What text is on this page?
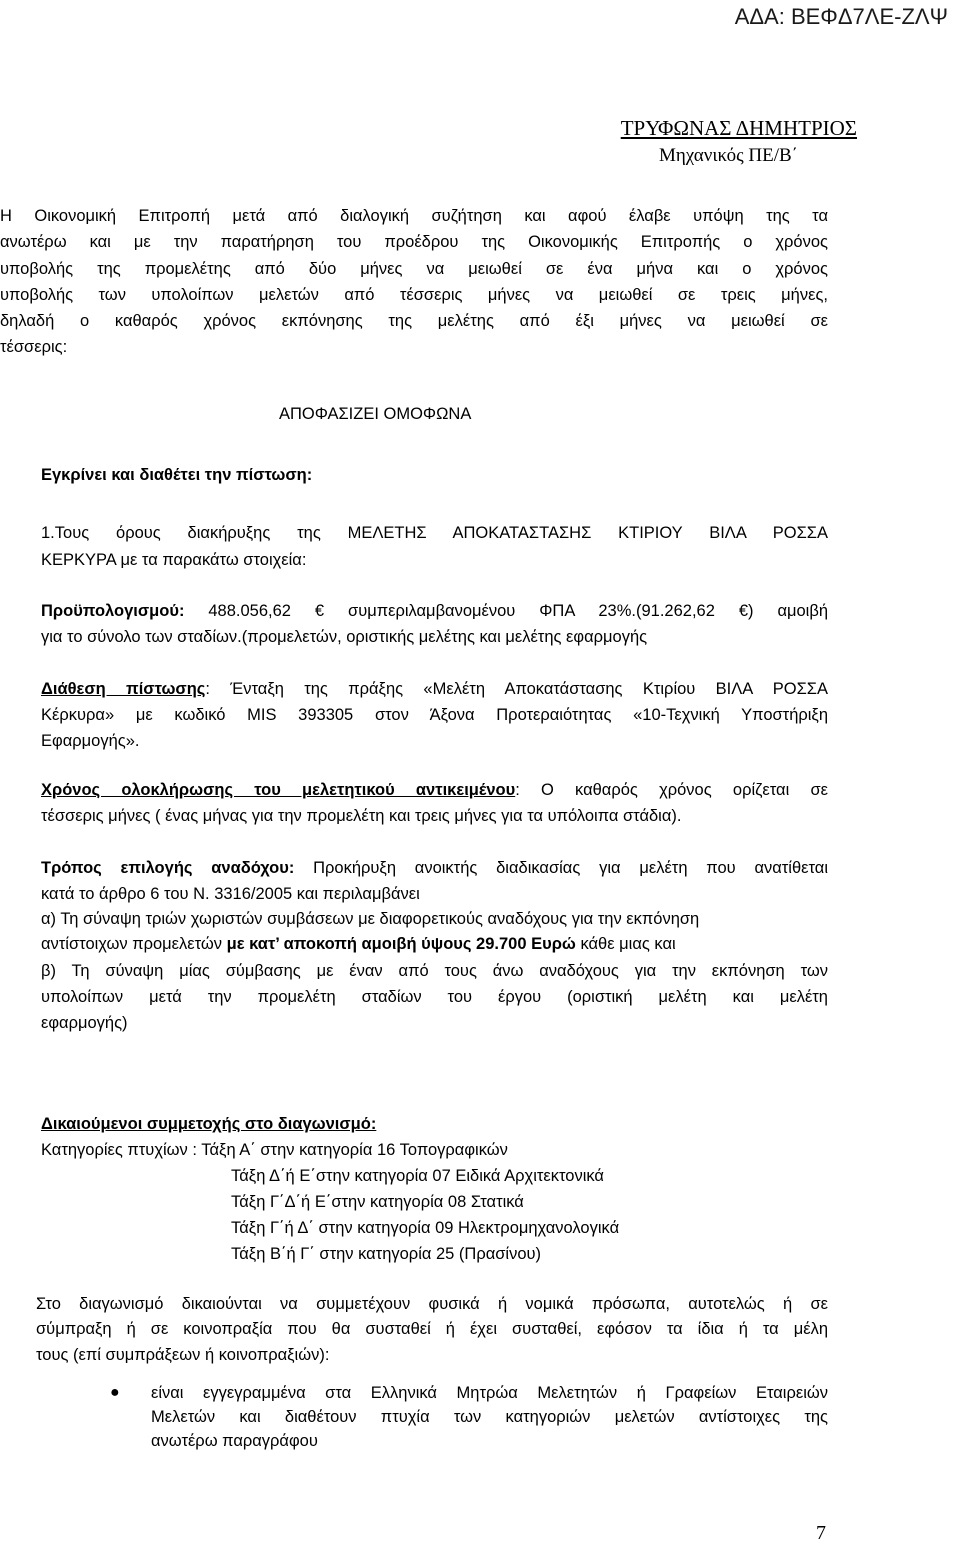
ΑΔΑ: ΒΕΦΔ7ΛΕ-ΖΛΨ
ΤΡΥΦΩΝΑΣ ΔΗΜΗΤΡΙΟΣ
Μηχανικός ΠΕ/Β΄
Η Οικονομική Επιτροπή μετά από διαλογική συζήτηση και αφού έλαβε υπόψη της τα
ανωτέρω και με την παρατήρηση του προέδρου της Οικονομικής Επιτροπής ο χρόνος
υποβολής της προμελέτης από δύο μήνες να μειωθεί σε ένα μήνα και ο χρόνος
υποβολής των υπολοίπων μελετών από τέσσερις μήνες να μειωθεί σε τρεις μήνες,
δηλαδή ο καθαρός χρόνος εκπόνησης της μελέτης από έξι μήνες να μειωθεί σε
τέσσερις:
ΑΠΟΦΑΣΙΖΕΙ ΟΜΟΦΩΝΑ
Εγκρίνει και διαθέτει την πίστωση:
1.Τους όρους διακήρυξης της ΜΕΛΕΤΗΣ ΑΠΟΚΑΤΑΣΤΑΣΗΣ ΚΤΙΡΙΟΥ ΒΙΛΑ ΡΟΣΣΑ
ΚΕΡΚΥΡΑ με τα παρακάτω στοιχεία:
Προϋπολογισμού: 488.056,62 € συμπεριλαμβανομένου ΦΠΑ 23%.(91.262,62 €) αμοιβή
για το σύνολο των σταδίων.(προμελετών, οριστικής μελέτης και μελέτης εφαρμογής
Διάθεση πίστωσης: Ένταξη της πράξης «Μελέτη Αποκατάστασης Κτιρίου ΒΙΛΑ ΡΟΣΣΑ
Κέρκυρα» με κωδικό MIS 393305 στον Άξονα Προτεραιότητας «10-Τεχνική Υποστήριξη
Εφαρμογής».
Χρόνος ολοκλήρωσης του μελετητικού αντικειμένου: Ο καθαρός χρόνος ορίζεται σε
τέσσερις μήνες ( ένας μήνας για την προμελέτη και τρεις μήνες για τα υπόλοιπα στάδια).
Τρόπος επιλογής αναδόχου: Προκήρυξη ανοικτής διαδικασίας για μελέτη που ανατίθεται
κατά το άρθρο 6 του Ν. 3316/2005 και περιλαμβάνει
α) Τη σύναψη τριών χωριστών συμβάσεων με διαφορετικούς αναδόχους για την εκπόνηση
αντίστοιχων προμελετών με κατ’ αποκοπή αμοιβή ύψους 29.700 Ευρώ κάθε μιας και
β) Τη σύναψη μίας σύμβασης με έναν από τους άνω αναδόχους για την εκπόνηση των
υπολοίπων μετά την προμελέτη σταδίων του έργου (οριστική μελέτη και μελέτη
εφαρμογής)
Δικαιούμενοι συμμετοχής στο διαγωνισμό:
Κατηγορίες πτυχίων : Τάξη Α΄ στην κατηγορία 16 Τοπογραφικών
Τάξη Δ΄ή Ε΄στην κατηγορία 07 Ειδικά Αρχιτεκτονικά
Τάξη Γ΄Δ΄ή Ε΄στην κατηγορία 08 Στατικά
Τάξη Γ΄ή Δ΄ στην κατηγορία 09 Ηλεκτρομηχανολογικά
Τάξη Β΄ή Γ΄ στην κατηγορία 25 (Πρασίνου)
Στο διαγωνισμό δικαιούνται να συμμετέχουν φυσικά ή νομικά πρόσωπα, αυτοτελώς ή σε
σύμπραξη ή σε κοινοπραξία που θα συσταθεί ή έχει συσταθεί, εφόσον τα ίδια ή τα μέλη
τους (επί συμπράξεων ή κοινοπραξιών):
● είναι εγγεγραμμένα στα Ελληνικά Μητρώα Μελετητών ή Γραφείων Εταιρειών
Μελετών και διαθέτουν πτυχία των κατηγοριών μελετών αντίστοιχες της
ανωτέρω παραγράφου
7
